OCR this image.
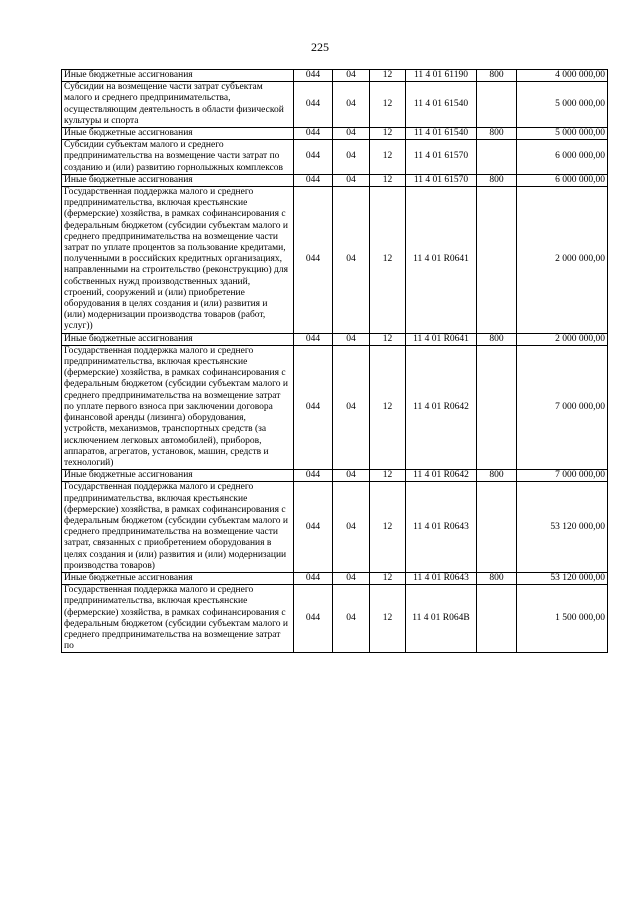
225
Иные бюджетные ассигнования	044	04	12	11 4 01 61190	800	4 000 000,00
Субсидии на возмещение части затрат субъектам малого и среднего предпринимательства, осуществляющим деятельность в области физической культуры и спорта	044	04	12	11 4 01 61540		5 000 000,00
Иные бюджетные ассигнования	044	04	12	11 4 01 61540	800	5 000 000,00
Субсидии субъектам малого и среднего предпринимательства на возмещение части затрат по созданию и (или) развитию горнолыжных комплексов	044	04	12	11 4 01 61570		6 000 000,00
Иные бюджетные ассигнования	044	04	12	11 4 01 61570	800	6 000 000,00
Государственная поддержка малого и среднего предпринимательства, включая крестьянские (фермерские) хозяйства, в рамках софинансирования с федеральным бюджетом (субсидии субъектам малого и среднего предпринимательства на возмещение части затрат по уплате процентов за пользование кредитами, полученными в российских кредитных организациях, направленными на строительство (реконструкцию) для собственных нужд производственных зданий, строений, сооружений и (или) приобретение оборудования в целях создания и (или) развития и (или) модернизации производства товаров (работ, услуг))	044	04	12	11 4 01 R0641		2 000 000,00
Иные бюджетные ассигнования	044	04	12	11 4 01 R0641	800	2 000 000,00
Государственная поддержка малого и среднего предпринимательства, включая крестьянские (фермерские) хозяйства, в рамках софинансирования с федеральным бюджетом (субсидии субъектам малого и среднего предпринимательства на возмещение затрат по уплате первого взноса при заключении договора финансовой аренды (лизинга) оборудования, устройств, механизмов, транспортных средств (за исключением легковых автомобилей), приборов, аппаратов, агрегатов, установок, машин, средств и технологий)	044	04	12	11 4 01 R0642		7 000 000,00
Иные бюджетные ассигнования	044	04	12	11 4 01 R0642	800	7 000 000,00
Государственная поддержка малого и среднего предпринимательства, включая крестьянские (фермерские) хозяйства, в рамках софинансирования с федеральным бюджетом (субсидии субъектам малого и среднего предпринимательства на возмещение части затрат, связанных с приобретением оборудования в целях создания и (или) развития и (или) модернизации производства товаров)	044	04	12	11 4 01 R0643		53 120 000,00
Иные бюджетные ассигнования	044	04	12	11 4 01 R0643	800	53 120 000,00
Государственная поддержка малого и среднего предпринимательства, включая крестьянские (фермерские) хозяйства, в рамках софинансирования с федеральным бюджетом (субсидии субъектам малого и среднего предпринимательства на возмещение затрат по	044	04	12	11 4 01 R064B		1 500 000,00
